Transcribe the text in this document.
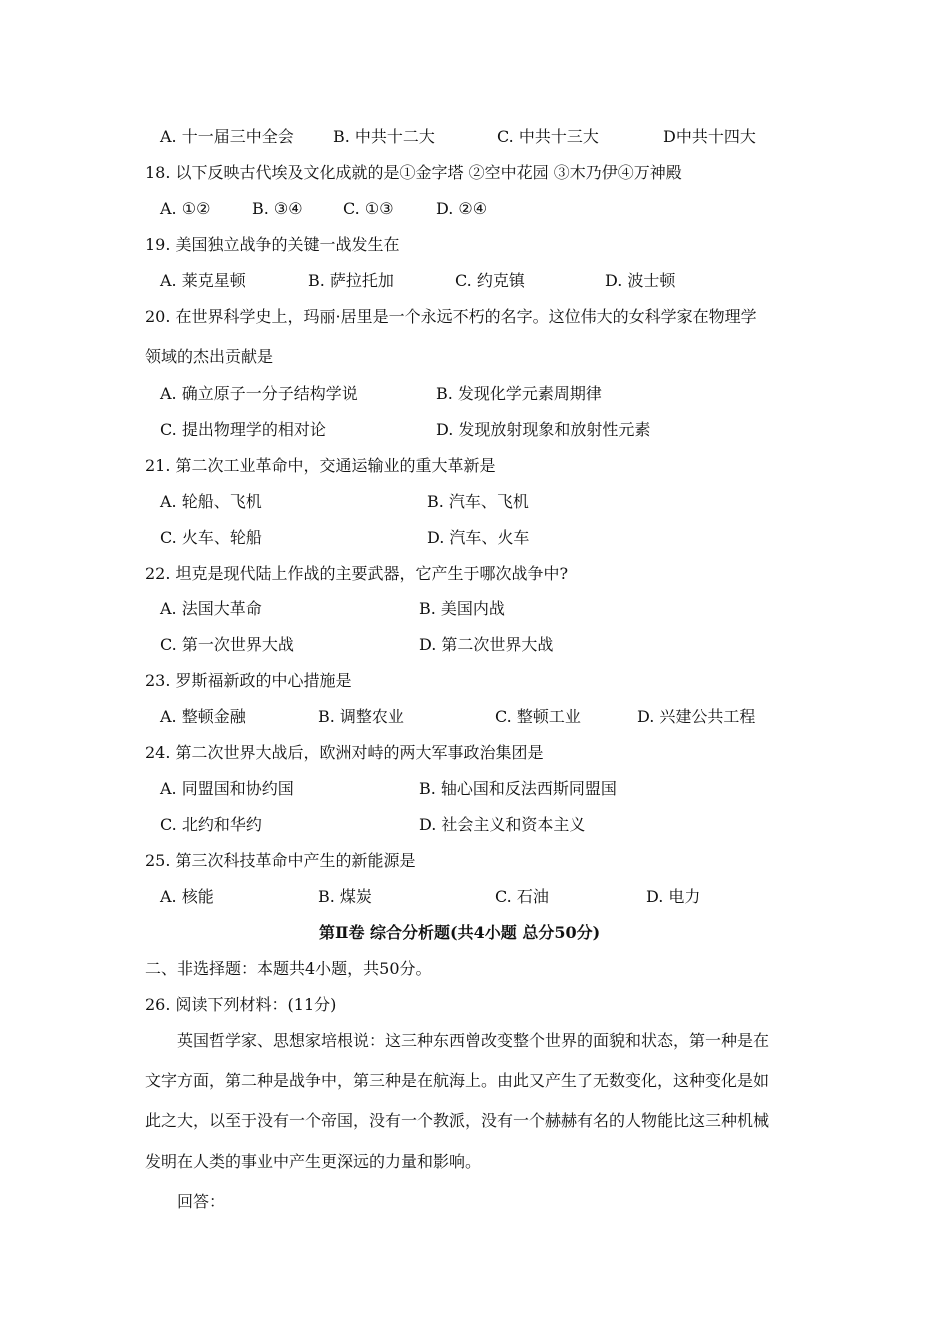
A. 十一届三中全会 B. 中共十二大	C. 中共十三大	D中共十四大
18. 以下反映古代埃及文化成就的是①金字塔 ②空中花园 ③木乃伊④万神殿
A. ①②	B. ③④	C. ①③	D. ②④
19. 美国独立战争的关键一战发生在
A. 莱克星顿	B. 萨拉托加	C. 约克镇	D. 波士顿
20. 在世界科学史上，玛丽·居里是一个永远不朽的名字。这位伟大的女科学家在物理学
领域的杰出贡献是
A. 确立原子一分子结构学说	B. 发现化学元素周期律
C. 提出物理学的相对论	D. 发现放射现象和放射性元素
21. 第二次工业革命中，交通运输业的重大革新是
A. 轮船、飞机	B. 汽车、飞机
C. 火车、轮船	D. 汽车、火车
22. 坦克是现代陆上作战的主要武器，它产生于哪次战争中?
A. 法国大革命	B. 美国内战
C. 第一次世界大战	D. 第二次世界大战
23. 罗斯福新政的中心措施是
A. 整顿金融	B. 调整农业	C. 整顿工业	D. 兴建公共工程
24. 第二次世界大战后，欧洲对峙的两大军事政治集团是
A. 同盟国和协约国	B. 轴心国和反法西斯同盟国
C. 北约和华约	D. 社会主义和资本主义
25. 第三次科技革命中产生的新能源是
A. 核能	B. 煤炭	C. 石油	D. 电力
第Ⅱ卷 综合分析题(共4小题 总分50分)
二、非选择题：本题共4小题，共50分。
26. 阅读下列材料：(11分)
英国哲学家、思想家培根说：这三种东西曾改变整个世界的面貌和状态，第一种是在
文字方面，第二种是战争中，第三种是在航海上。由此又产生了无数变化，这种变化是如
此之大，以至于没有一个帝国，没有一个教派，没有一个赫赫有名的人物能比这三种机械
发明在人类的事业中产生更深远的力量和影响。
回答：
